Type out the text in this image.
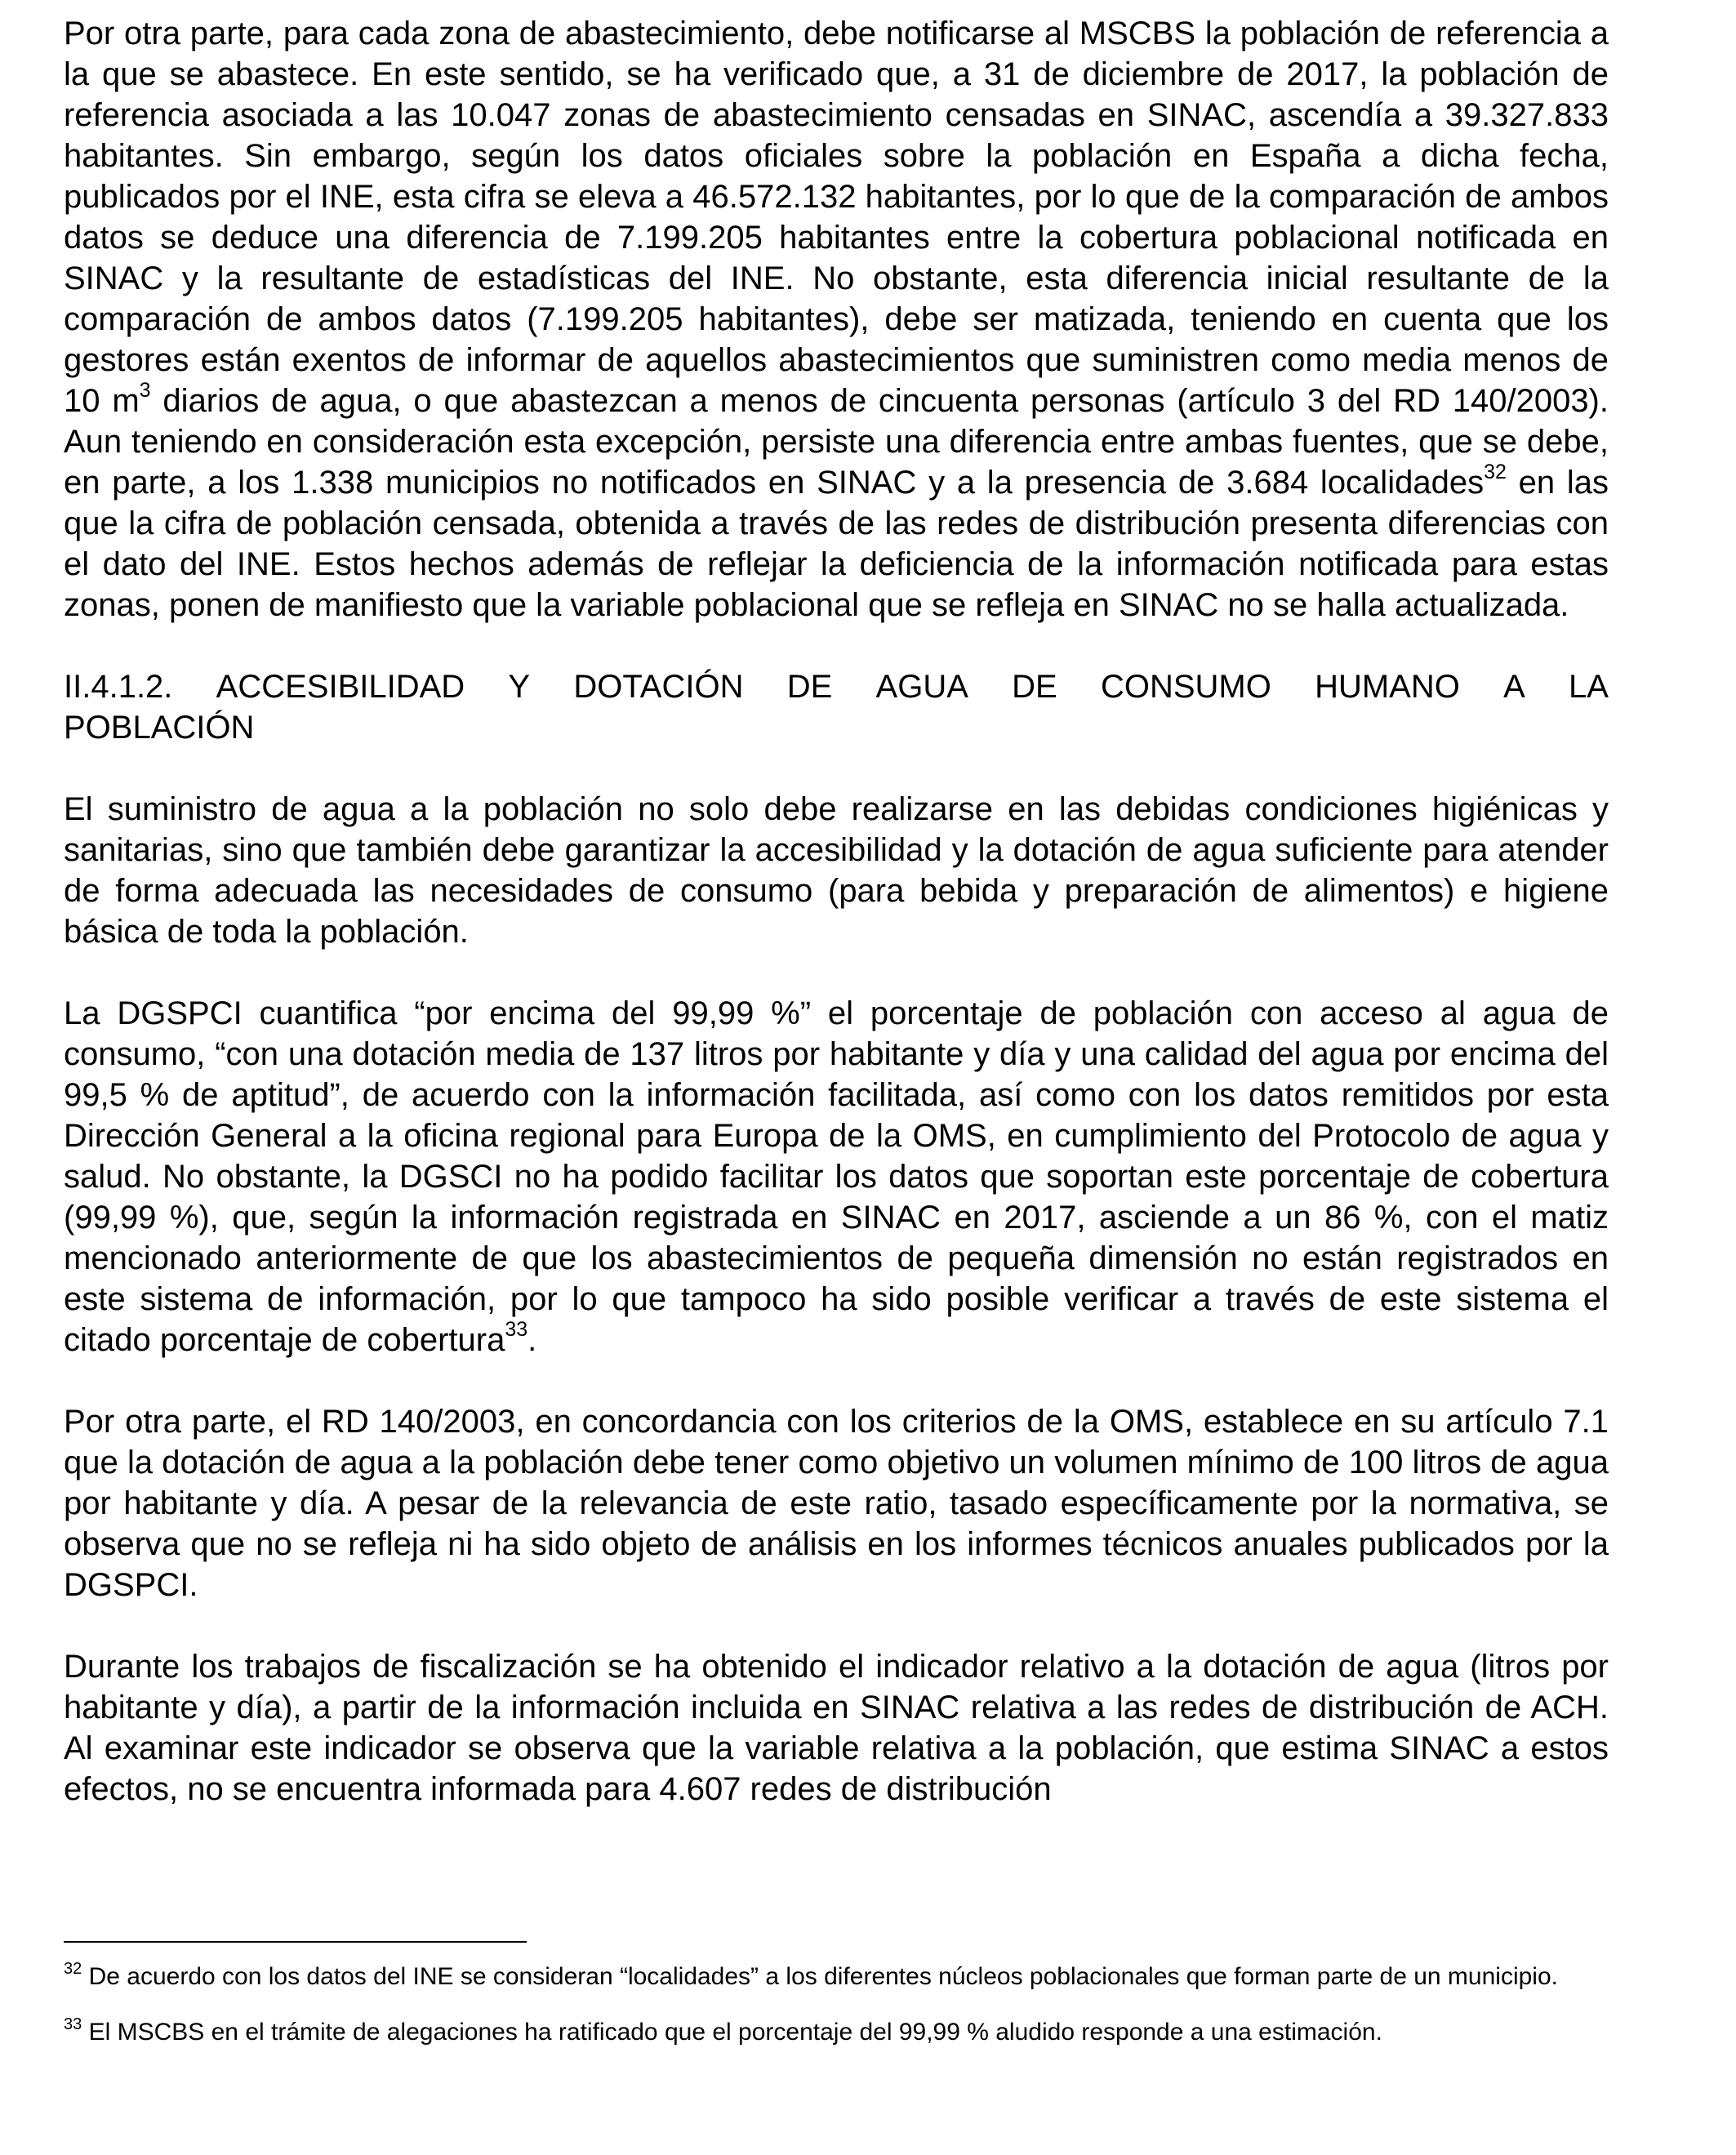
Por otra parte, para cada zona de abastecimiento, debe notificarse al MSCBS la población de referencia a la que se abastece. En este sentido, se ha verificado que, a 31 de diciembre de 2017, la población de referencia asociada a las 10.047 zonas de abastecimiento censadas en SINAC, ascendía a 39.327.833 habitantes. Sin embargo, según los datos oficiales sobre la población en España a dicha fecha, publicados por el INE, esta cifra se eleva a 46.572.132 habitantes, por lo que de la comparación de ambos datos se deduce una diferencia de 7.199.205 habitantes entre la cobertura poblacional notificada en SINAC y la resultante de estadísticas del INE. No obstante, esta diferencia inicial resultante de la comparación de ambos datos (7.199.205 habitantes), debe ser matizada, teniendo en cuenta que los gestores están exentos de informar de aquellos abastecimientos que suministren como media menos de 10 $m^3$ diarios de agua, o que abastezcan a menos de cincuenta personas (artículo 3 del RD 140/2003). Aun teniendo en consideración esta excepción, persiste una diferencia entre ambas fuentes, que se debe, en parte, a los 1.338 municipios no notificados en SINAC y a la presencia de 3.684 localidades$^{32}$ en las que la cifra de población censada, obtenida a través de las redes de distribución presenta diferencias con el dato del INE. Estos hechos además de reflejar la deficiencia de la información notificada para estas zonas, ponen de manifiesto que la variable poblacional que se refleja en SINAC no se halla actualizada.

II.4.1.2. ACCESIBILIDAD Y DOTACIÓN DE AGUA DE CONSUMO HUMANO A LA
POBLACIÓN

El suministro de agua a la población no solo debe realizarse en las debidas condiciones higiénicas y sanitarias, sino que también debe garantizar la accesibilidad y la dotación de agua suficiente para atender de forma adecuada las necesidades de consumo (para bebida y preparación de alimentos) e higiene básica de toda la población.

La DGSPCI cuantifica “por encima del 99,99 %” el porcentaje de población con acceso al agua de consumo, “con una dotación media de 137 litros por habitante y día y una calidad del agua por encima del 99,5 % de aptitud”, de acuerdo con la información facilitada, así como con los datos remitidos por esta Dirección General a la oficina regional para Europa de la OMS, en cumplimiento del Protocolo de agua y salud. No obstante, la DGSCI no ha podido facilitar los datos que soportan este porcentaje de cobertura (99,99 %), que, según la información registrada en SINAC en 2017, asciende a un 86 %, con el matiz mencionado anteriormente de que los abastecimientos de pequeña dimensión no están registrados en este sistema de información, por lo que tampoco ha sido posible verificar a través de este sistema el citado porcentaje de cobertura$^{33}$.

Por otra parte, el RD 140/2003, en concordancia con los criterios de la OMS, establece en su artículo 7.1 que la dotación de agua a la población debe tener como objetivo un volumen mínimo de 100 litros de agua por habitante y día. A pesar de la relevancia de este ratio, tasado específicamente por la normativa, se observa que no se refleja ni ha sido objeto de análisis en los informes técnicos anuales publicados por la DGSPCI.

Durante los trabajos de fiscalización se ha obtenido el indicador relativo a la dotación de agua (litros por habitante y día), a partir de la información incluida en SINAC relativa a las redes de distribución de ACH. Al examinar este indicador se observa que la variable relativa a la población, que estima SINAC a estos efectos, no se encuentra informada para 4.607 redes de distribución

$^{32}$ De acuerdo con los datos del INE se consideran “localidades” a los diferentes núcleos poblacionales que forman parte de un municipio.

$^{33}$ El MSCBS en el trámite de alegaciones ha ratificado que el porcentaje del 99,99 % aludido responde a una estimación.
